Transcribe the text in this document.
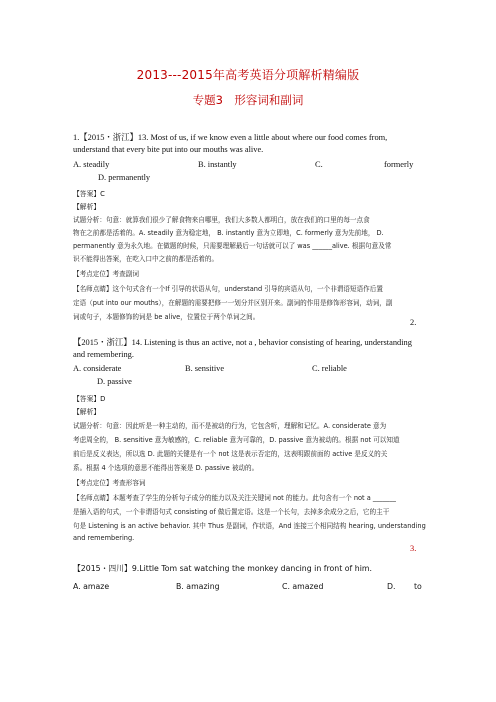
2013---2015年高考英语分项解析精编版
专题3　形容词和副词
1.【2015・浙江】13. Most of us, if we know even a little about where our food comes from,
understand that every bite put into our mouths was alive.
A. steadily	B. instantly	C.	formerly
D. permanently
【答案】C
【解析】
试题分析：句意：就算我们很少了解食物来自哪里，我们大多数人都明白，放在我们的口里的每一点食
物在之前都是活着的。A. steadily 意为稳定地， B. instantly 意为立即地，C. formerly 意为先前地， D.
permanently 意为永久地。在做题的时候，只需要理解最后一句话就可以了 was ______alive. 根据句意及常
识不能得出答案，在吃入口中之前的都是活着的。
【考点定位】考查副词
【名师点睛】这个句式含有一个If 引导的状语从句，understand 引导的宾语从句，一个非谓语短语作后置
定语（put into our mouths），在解题的需要把修一一划分并区别开来。副词的作用是修饰形容词，动词，副
词或句子，本题修饰的词是 be alive，位置位于两个单词之间。
2.
【2015・浙江】14. Listening is thus an active, not a , behavior consisting of hearing, understanding
and remembering.
A. considerate	B. sensitive	C. reliable
D. passive
【答案】D
【解析】
试题分析：句意：因此听是一种主动的，而不是被动的行为，它包含听，理解和记忆。A. considerate 意为
考虑周全的， B. sensitive 意为敏感的，C. reliable 意为可靠的，D. passive 意为被动的。根据 not 可以知道
前后是反义表达，所以选 D. 此题的关键是有一个 not 这是表示否定的，这表明跟前面的 active 是反义的关
系。根据 4 个选项的意思不能得出答案是 D. passive 被动的。
【考点定位】考查形容词
【名师点睛】本题考查了学生的分析句子成分的能力以及关注关键词 not 的能力。此句含有一个 not a _______
是插入语的句式，一个非谓语句式 consisting of 做后置定语。这是一个长句，去掉多余成分之后，它的主干
句是 Listening is an active behavior. 其中 Thus 是副词，作状语，And 连接三个相同结构 hearing, understanding
and remembering.
3.
【2015・四川】9.Little Tom sat watching the monkey dancing in front of him.
A. amaze	B. amazing	C. amazed	D. to
